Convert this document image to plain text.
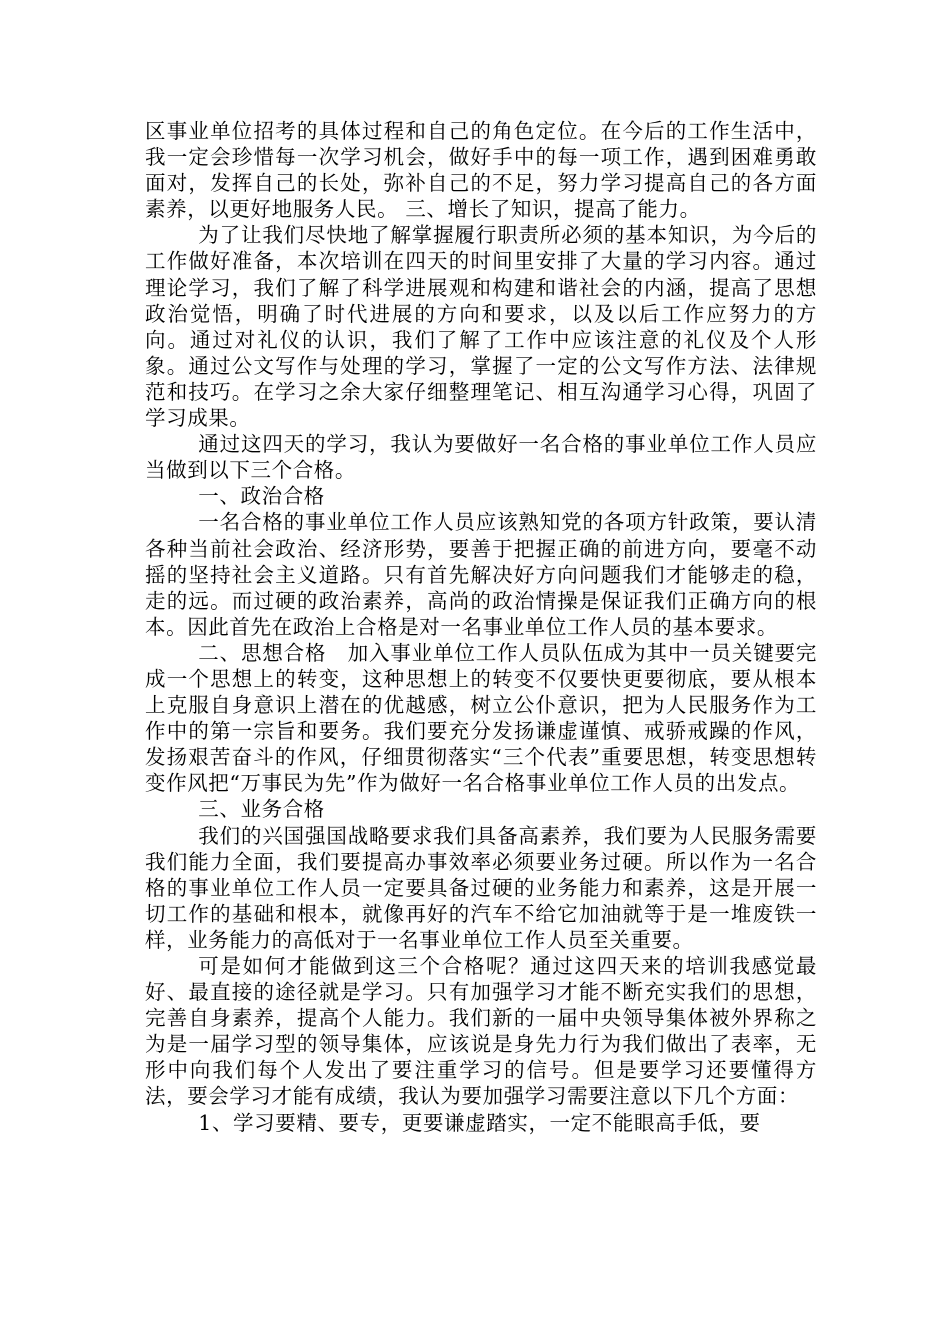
区事业单位招考的具体过程和自己的角色定位。在今后的工作生活中，我一定会珍惜每一次学习机会，做好手中的每一项工作，遇到困难勇敢面对，发挥自己的长处，弥补自己的不足，努力学习提高自己的各方面素养，以更好地服务人民。 三、增长了知识，提高了能力。

为了让我们尽快地了解掌握履行职责所必须的基本知识，为今后的工作做好准备，本次培训在四天的时间里安排了大量的学习内容。通过理论学习，我们了解了科学进展观和构建和谐社会的内涵，提高了思想政治觉悟，明确了时代进展的方向和要求，以及以后工作应努力的方向。通过对礼仪的认识，我们了解了工作中应该注意的礼仪及个人形象。通过公文写作与处理的学习，掌握了一定的公文写作方法、法律规范和技巧。在学习之余大家仔细整理笔记、相互沟通学习心得，巩固了学习成果。

通过这四天的学习，我认为要做好一名合格的事业单位工作人员应当做到以下三个合格。

一、政治合格

一名合格的事业单位工作人员应该熟知党的各项方针政策，要认清各种当前社会政治、经济形势，要善于把握正确的前进方向，要毫不动摇的坚持社会主义道路。只有首先解决好方向问题我们才能够走的稳，走的远。而过硬的政治素养，高尚的政治情操是保证我们正确方向的根本。因此首先在政治上合格是对一名事业单位工作人员的基本要求。

二、思想合格　加入事业单位工作人员队伍成为其中一员关键要完成一个思想上的转变，这种思想上的转变不仅要快更要彻底，要从根本上克服自身意识上潜在的优越感，树立公仆意识，把为人民服务作为工作中的第一宗旨和要务。我们要充分发扬谦虚谨慎、戒骄戒躁的作风，发扬艰苦奋斗的作风，仔细贯彻落实“三个代表”重要思想，转变思想转变作风把“万事民为先”作为做好一名合格事业单位工作人员的出发点。

三、业务合格

我们的兴国强国战略要求我们具备高素养，我们要为人民服务需要我们能力全面，我们要提高办事效率必须要业务过硬。所以作为一名合格的事业单位工作人员一定要具备过硬的业务能力和素养，这是开展一切工作的基础和根本，就像再好的汽车不给它加油就等于是一堆废铁一样，业务能力的高低对于一名事业单位工作人员至关重要。

可是如何才能做到这三个合格呢？通过这四天来的培训我感觉最好、最直接的途径就是学习。只有加强学习才能不断充实我们的思想，完善自身素养，提高个人能力。我们新的一届中央领导集体被外界称之为是一届学习型的领导集体，应该说是身先力行为我们做出了表率，无形中向我们每个人发出了要注重学习的信号。但是要学习还要懂得方法，要会学习才能有成绩，我认为要加强学习需要注意以下几个方面：

1、学习要精、要专，更要谦虚踏实，一定不能眼高手低，要
